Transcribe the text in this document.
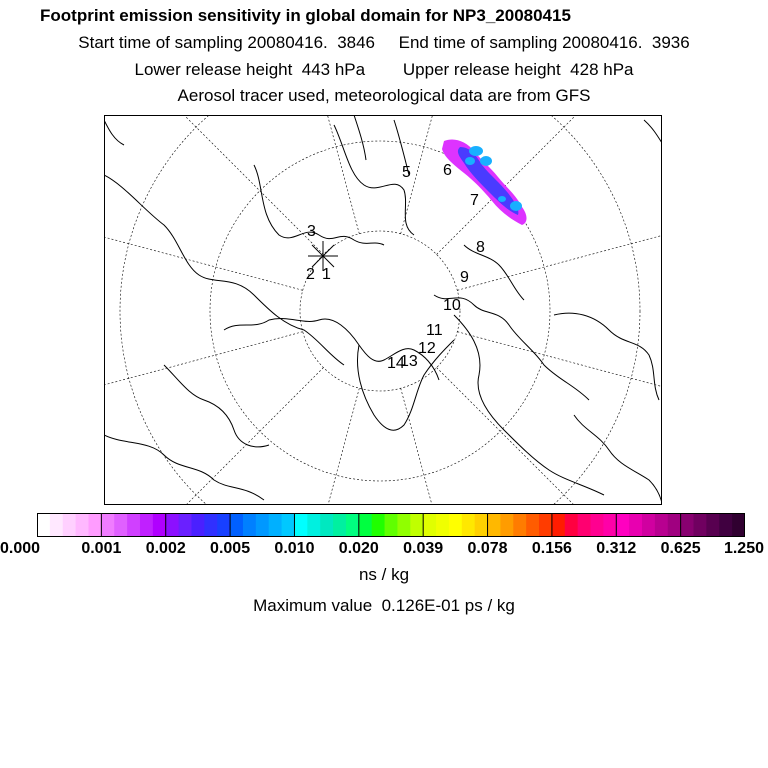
Footprint emission sensitivity in global domain for NP3_20080415
Start time of sampling 20080416.  3846     End time of sampling 20080416.  3936
Lower release height  443 hPa        Upper release height  428 hPa
Aerosol tracer used, meteorological data are from GFS
1
2
3
5 6
7
8
9
10
11
12
13
14
0.000	0.001 0.002 0.005 0.010 0.020 0.039 0.078 0.156 0.312 0.625 1.250
ns / kg
Maximum value  0.126E-01 ps / kg
